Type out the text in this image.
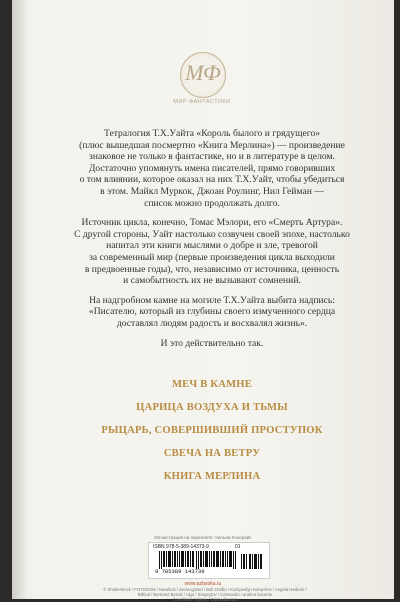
МФ
МИР ФАНТАСТИКИ

Тетралогия Т.Х.Уайта «Король былого и грядущего»
(плюс вышедшая посмертно «Книга Мерлина») — произведение
знаковое не только в фантастике, но и в литературе в целом.
Достаточно упомянуть имена писателей, прямо говоривших
о том влиянии, которое оказал на них Т.Х.Уайт, чтобы убедиться
в этом. Майкл Муркок, Джоан Роулинг, Нил Гейман —
список можно продолжать долго.

Источник цикла, конечно, Томас Мэлори, его «Смерть Артура».
С другой стороны, Уайт настолько созвучен своей эпохе, настолько
напитал эти книги мыслями о добре и зле, тревогой
за современный мир (первые произведения цикла выходили
в предвоенные годы), что, независимо от источника, ценность
и самобытность их не вызывают сомнений.

На надгробном камне на могиле Т.Х.Уайта выбита надпись:
«Писателю, который из глубины своего измученного сердца
доставлял людям радость и восхвалял жизнь».

И это действительно так.

МЕЧ В КАМНЕ
ЦАРИЦА ВОЗДУХА И ТЬМЫ
РЫЦАРЬ, СОВЕРШИВШИЙ ПРОСТУПОК
СВЕЧА НА ВЕТРУ
КНИГА МЕРЛИНА
Иллюстрация на переплете: Уильям Кэнерайс
ISBN 978-5-389-14373-9	01
9 785389 143739
www.azbooka.ru
© Shutterstock / FOTODOM / NataliUS / dvoinogotsel / Bob Orsillo / Kozlyandyn Ivanychev / Angela Harburn /
BillGal / Bertrand Benoit / Algo / SergeyDV / Catmando / andrea lorcante
© Archivist / Alamy / Diomedia.com
